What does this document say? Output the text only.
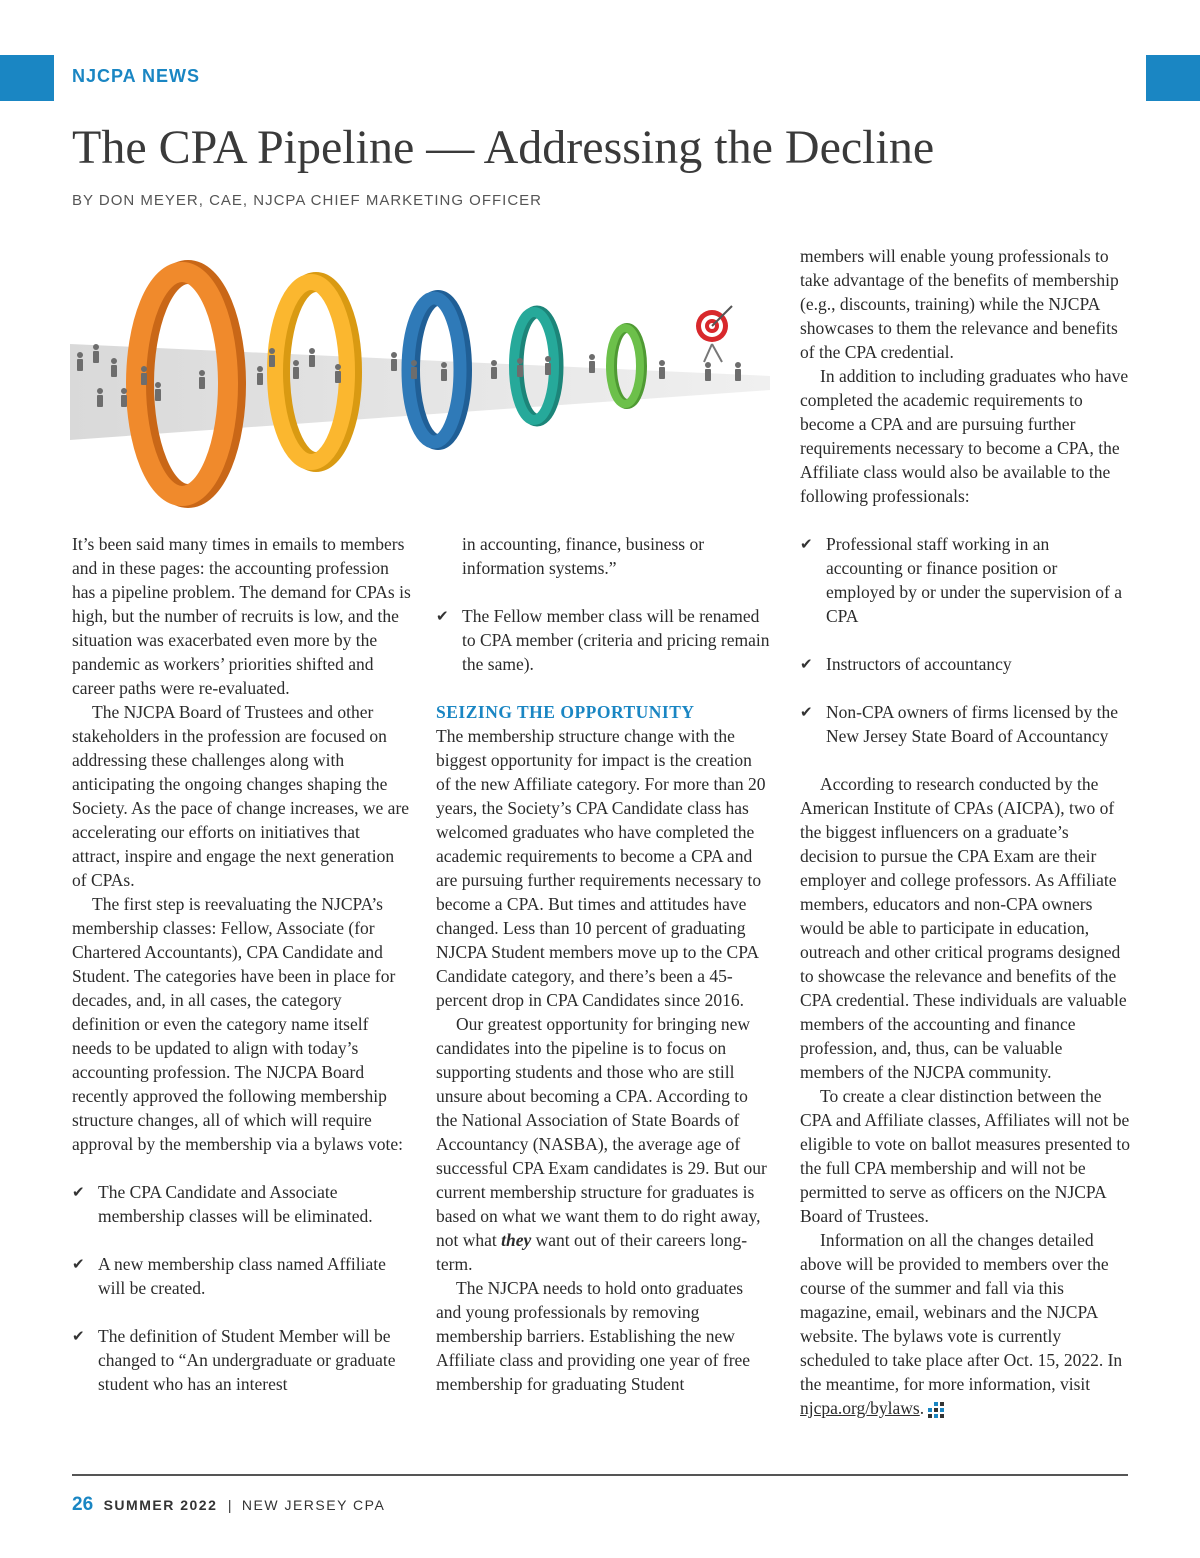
NJCPA NEWS
The CPA Pipeline — Addressing the Decline
BY DON MEYER, CAE, NJCPA CHIEF MARKETING OFFICER

It’s been said many times in emails to members and in these pages: the accounting profession has a pipeline problem. The demand for CPAs is high, but the number of recruits is low, and the situation was exacerbated even more by the pandemic as workers’ priorities shifted and career paths were re-evaluated.

The NJCPA Board of Trustees and other stakeholders in the profession are focused on addressing these challenges along with anticipating the ongoing changes shaping the Society. As the pace of change increases, we are accelerating our efforts on initiatives that attract, inspire and engage the next generation of CPAs.

The first step is reevaluating the NJCPA’s membership classes: Fellow, Associate (for Chartered Accountants), CPA Candidate and Student. The categories have been in place for decades, and, in all cases, the category definition or even the category name itself needs to be updated to align with today’s accounting profession. The NJCPA Board recently approved the following membership structure changes, all of which will require approval by the membership via a bylaws vote:

✔ The CPA Candidate and Associate membership classes will be eliminated.
✔ A new membership class named Affiliate will be created.
✔ The definition of Student Member will be changed to “An undergraduate or graduate student who has an interest

in accounting, finance, business or information systems.”

✔ The Fellow member class will be renamed to CPA member (criteria and pricing remain the same).
SEIZING THE OPPORTUNITY

The membership structure change with the biggest opportunity for impact is the creation of the new Affiliate category. For more than 20 years, the Society’s CPA Candidate class has welcomed graduates who have completed the academic requirements to become a CPA and are pursuing further requirements necessary to become a CPA. But times and attitudes have changed. Less than 10 percent of graduating NJCPA Student members move up to the CPA Candidate category, and there’s been a 45-percent drop in CPA Candidates since 2016.

Our greatest opportunity for bringing new candidates into the pipeline is to focus on supporting students and those who are still unsure about becoming a CPA. According to the National Association of State Boards of Accountancy (NASBA), the average age of successful CPA Exam candidates is 29. But our current membership structure for graduates is based on what we want them to do right away, not what they want out of their careers long-term.

The NJCPA needs to hold onto graduates and young professionals by removing membership barriers. Establishing the new Affiliate class and providing one year of free membership for graduating Student

members will enable young professionals to take advantage of the benefits of membership (e.g., discounts, training) while the NJCPA showcases to them the relevance and benefits of the CPA credential.

In addition to including graduates who have completed the academic requirements to become a CPA and are pursuing further requirements necessary to become a CPA, the Affiliate class would also be available to the following professionals:

✔ Professional staff working in an accounting or finance position or employed by or under the supervision of a CPA
✔ Instructors of accountancy
✔ Non-CPA owners of firms licensed by the New Jersey State Board of Accountancy

According to research conducted by the American Institute of CPAs (AICPA), two of the biggest influencers on a graduate’s decision to pursue the CPA Exam are their employer and college professors. As Affiliate members, educators and non-CPA owners would be able to participate in education, outreach and other critical programs designed to showcase the relevance and benefits of the CPA credential. These individuals are valuable members of the accounting and finance profession, and, thus, can be valuable members of the NJCPA community.

To create a clear distinction between the CPA and Affiliate classes, Affiliates will not be eligible to vote on ballot measures presented to the full CPA membership and will not be permitted to serve as officers on the NJCPA Board of Trustees.

Information on all the changes detailed above will be provided to members over the course of the summer and fall via this magazine, email, webinars and the NJCPA website. The bylaws vote is currently scheduled to take place after Oct. 15, 2022. In the meantime, for more information, visit njcpa.org/bylaws.

26 SUMMER 2022 | NEW JERSEY CPA
